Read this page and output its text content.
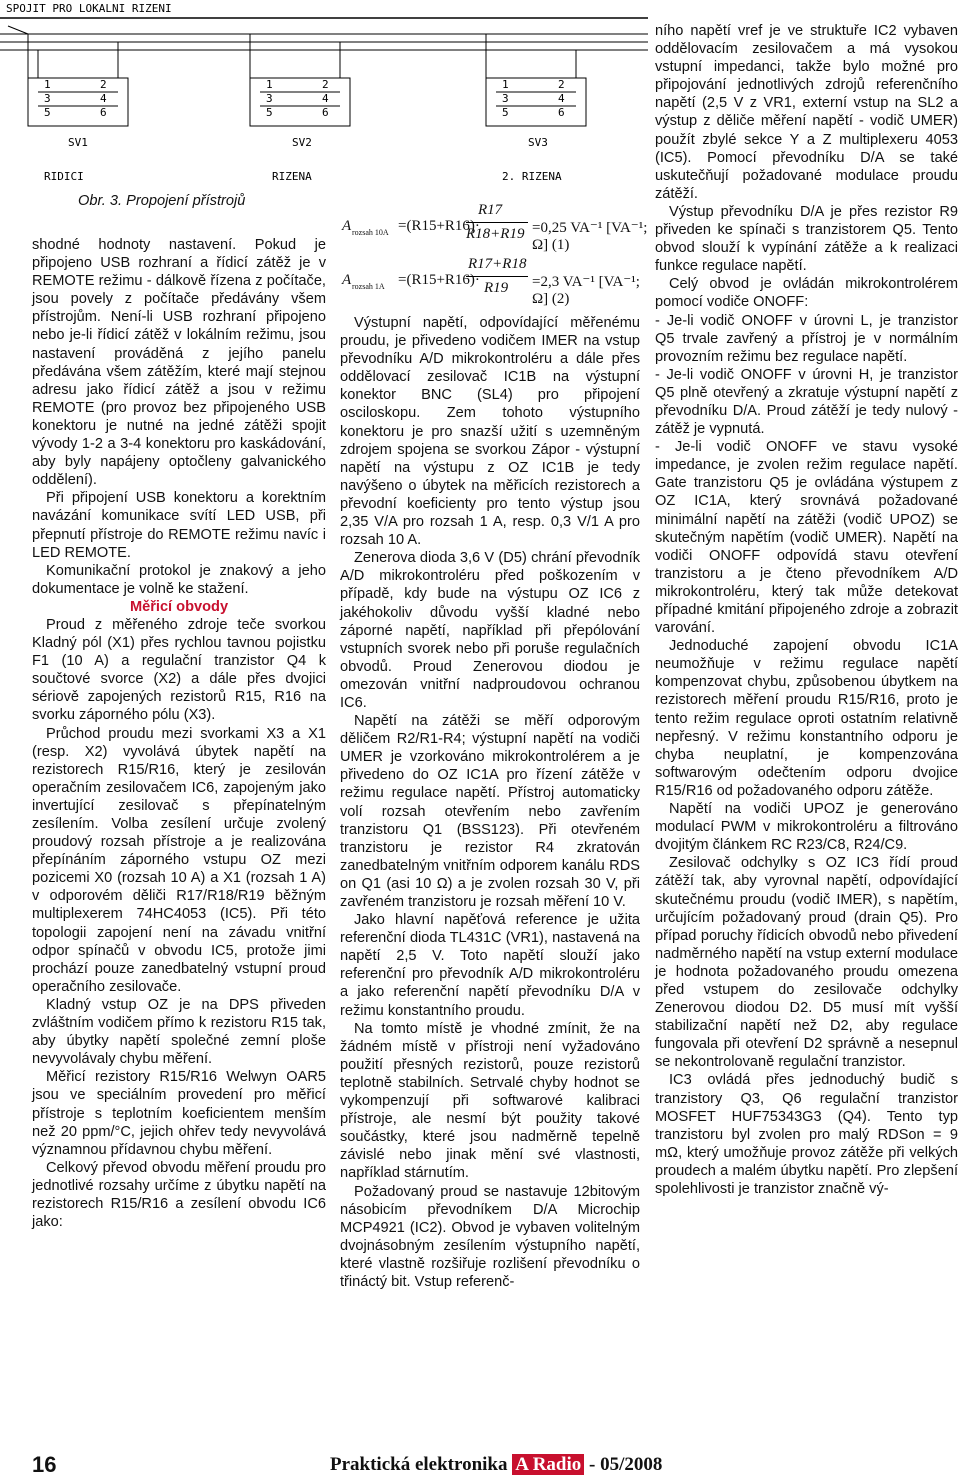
SPOJIT PRO LOKALNI RIZENI
1	2
3	4
5	6
SV1
RIDICI
1	2
3	4
5	6
SV2
RIZENA
1	2
3	4
5	6
SV3
2. RIZENA
Obr. 3. Propojení přístrojů
A rozsah 10A =(R15+R16)·
R17
R18+R19 =0,25 VA⁻¹ [VA⁻¹; Ω] (1)
A rozsah 1A =(R15+R16)·
R17+R18
R19 =2,3 VA⁻¹ [VA⁻¹; Ω] (2)

shodné hodnoty nastavení. Pokud je připojeno USB rozhraní a řídicí zátěž je v REMOTE režimu - dálkově řízena z počítače, jsou povely z počítače předávány všem přístrojům. Není-li USB rozhraní připojeno nebo je-li řídicí zátěž v lokálním režimu, jsou nastavení prováděná z jejího panelu předávána všem zátěžím, které mají stejnou adresu jako řídicí zátěž a jsou v režimu REMOTE (pro provoz bez připojeného USB konektoru je nutné na jedné zátěži spojit vývody 1-2 a 3-4 konektoru pro kaskádování, aby byly napájeny optočleny galvanického oddělení).

Při připojení USB konektoru a korektním navázání komunikace svítí LED USB, při přepnutí přístroje do REMOTE režimu navíc i LED REMOTE.

Komunikační protokol je znakový a jeho dokumentace je volně ke stažení.

Měřicí obvody

Proud z měřeného zdroje teče svorkou Kladný pól (X1) přes rychlou tavnou pojistku F1 (10 A) a regulační tranzistor Q4 k součtové svorce (X2) a dále přes dvojici sériově zapojených rezistorů R15, R16 na svorku záporného pólu (X3).

Průchod proudu mezi svorkami X3 a X1 (resp. X2) vyvolává úbytek napětí na rezistorech R15/R16, který je zesilován operačním zesilovačem IC6, zapojeným jako invertující zesilovač s přepínatelným zesílením. Volba zesílení určuje zvolený proudový rozsah přístroje a je realizována přepínáním záporného vstupu OZ mezi pozicemi X0 (rozsah 10 A) a X1 (rozsah 1 A) v odporovém děliči R17/R18/R19 běžným multiplexerem 74HC4053 (IC5). Při této topologii zapojení není na závadu vnitřní odpor spínačů v obvodu IC5, protože jimi prochází pouze zanedbatelný vstupní proud operačního zesilovače.

Kladný vstup OZ je na DPS přiveden zvláštním vodičem přímo k rezistoru R15 tak, aby úbytky napětí společné zemní ploše nevyvolávaly chybu měření.

Měřicí rezistory R15/R16 Welwyn OAR5 jsou ve speciálním provedení pro měřicí přístroje s teplotním koeficientem menším než 20 ppm/°C, jejich ohřev tedy nevyvolává významnou přídavnou chybu měření.

Celkový převod obvodu měření proudu pro jednotlivé rozsahy určíme z úbytku napětí na rezistorech R15/R16 a zesílení obvodu IC6 jako:

Výstupní napětí, odpovídající měřenému proudu, je přivedeno vodičem IMER na vstup převodníku A/D mikrokontroléru a dále přes oddělovací zesilovač IC1B na výstupní konektor BNC (SL4) pro připojení osciloskopu. Zem tohoto výstupního konektoru je pro snazší užití s uzemněným zdrojem spojena se svorkou Zápor - výstupní napětí na výstupu z OZ IC1B je tedy navýšeno o úbytek na měřicích rezistorech a převodní koeficienty pro tento výstup jsou 2,35 V/A pro rozsah 1 A, resp. 0,3 V/1 A pro rozsah 10 A.

Zenerova dioda 3,6 V (D5) chrání převodník A/D mikrokontroléru před poškozením v případě, kdy bude na výstupu OZ IC6 z jakéhokoliv důvodu vyšší kladné nebo záporné napětí, například při přepólování vstupních svorek nebo při poruše regulačních obvodů. Proud Zenerovou diodou je omezován vnitřní nadproudovou ochranou IC6.

Napětí na zátěži se měří odporovým děličem R2/R1-R4; výstupní napětí na vodiči UMER je vzorkováno mikrokontrolérem a je přivedeno do OZ IC1A pro řízení zátěže v režimu regulace napětí. Přístroj automaticky volí rozsah otevřením nebo zavřením tranzistoru Q1 (BSS123). Při otevřeném tranzistoru je rezistor R4 zkratován zanedbatelným vnitřním odporem kanálu RDS on Q1 (asi 10 Ω) a je zvolen rozsah 30 V, při zavřeném tranzistoru je rozsah měření 10 V.

Jako hlavní napěťová reference je užita referenční dioda TL431C (VR1), nastavená na napětí 2,5 V. Toto napětí slouží jako referenční pro převodník A/D mikrokontroléru a jako referenční napětí převodníku D/A v režimu konstantního proudu.

Na tomto místě je vhodné zmínit, že na žádném místě v přístroji není vyžadováno použití přesných rezistorů, pouze rezistorů teplotně stabilních. Setrvalé chyby hodnot se vykompenzují při softwarové kalibraci přístroje, ale nesmí být použity takové součástky, které jsou nadměrně tepelně závislé nebo jinak mění své vlastnosti, například stárnutím.

Požadovaný proud se nastavuje 12bitovým násobicím převodníkem D/A Microchip MCP4921 (IC2). Obvod je vybaven volitelným dvojnásobným zesílením výstupního napětí, které vlastně rozšiřuje rozlišení převodníku o třináctý bit. Vstup referenč-

ního napětí vref je ve struktuře IC2 vybaven oddělovacím zesilovačem a má vysokou vstupní impedanci, takže bylo možné pro připojování jednotlivých zdrojů referenčního napětí (2,5 V z VR1, externí vstup na SL2 a výstup z děliče měření napětí - vodič UMER) použít zbylé sekce Y a Z multiplexeru 4053 (IC5). Pomocí převodníku D/A se také uskutečňují požadované modulace proudu zátěží.

Výstup převodníku D/A je přes rezistor R9 přiveden ke spínači s tranzistorem Q5. Tento obvod slouží k vypínání zátěže a k realizaci funkce regulace napětí.

Celý obvod je ovládán mikrokontrolérem pomocí vodiče ONOFF:

- Je-li vodič ONOFF v úrovni L, je tranzistor Q5 trvale zavřený a přístroj je v normálním provozním režimu bez regulace napětí.

- Je-li vodič ONOFF v úrovni H, je tranzistor Q5 plně otevřený a zkratuje výstupní napětí z převodníku D/A. Proud zátěží je tedy nulový - zátěž je vypnutá.

- Je-li vodič ONOFF ve stavu vysoké impedance, je zvolen režim regulace napětí. Gate tranzistoru Q5 je ovládána výstupem z OZ IC1A, který srovnává požadované minimální napětí na zátěži (vodič UPOZ) se skutečným napětím (vodič UMER). Napětí na vodiči ONOFF odpovídá stavu otevření tranzistoru a je čteno převodníkem A/D mikrokontroléru, který tak může detekovat případné kmitání připojeného zdroje a zobrazit varování.

Jednoduché zapojení obvodu IC1A neumožňuje v režimu regulace napětí kompenzovat chybu, způsobenou úbytkem na rezistorech měření proudu R15/R16, proto je tento režim regulace oproti ostatním relativně nepřesný. V režimu konstantního odporu je chyba neuplatní, je kompenzována softwarovým odečtením odporu dvojice R15/R16 od požadovaného odporu zátěže.

Napětí na vodiči UPOZ je generováno modulací PWM v mikrokontroléru a filtrováno dvojitým článkem RC R23/C8, R24/C9.

Zesilovač odchylky s OZ IC3 řídí proud zátěží tak, aby vyrovnal napětí, odpovídající skutečnému proudu (vodič IMER), s napětím, určujícím požadovaný proud (drain Q5). Pro případ poruchy řídicích obvodů nebo přivedení nadměrného napětí na vstup externí modulace je hodnota požadovaného proudu omezena před vstupem do zesilovače odchylky Zenerovou diodou D2. D5 musí mít vyšší stabilizační napětí než D2, aby regulace fungovala při otevření D2 správně a nesepnul se nekontrolovaně regulační tranzistor.

IC3 ovládá přes jednoduchý budič s tranzistory Q3, Q6 regulační tranzistor MOSFET HUF75343G3 (Q4). Tento typ tranzistoru byl zvolen pro malý RDSon = 9 mΩ, který umožňuje provoz zátěže při velkých proudech a malém úbytku napětí. Pro zlepšení spolehlivosti je tranzistor značně vý-

16	Praktická elektronika A Radio - 05/2008
